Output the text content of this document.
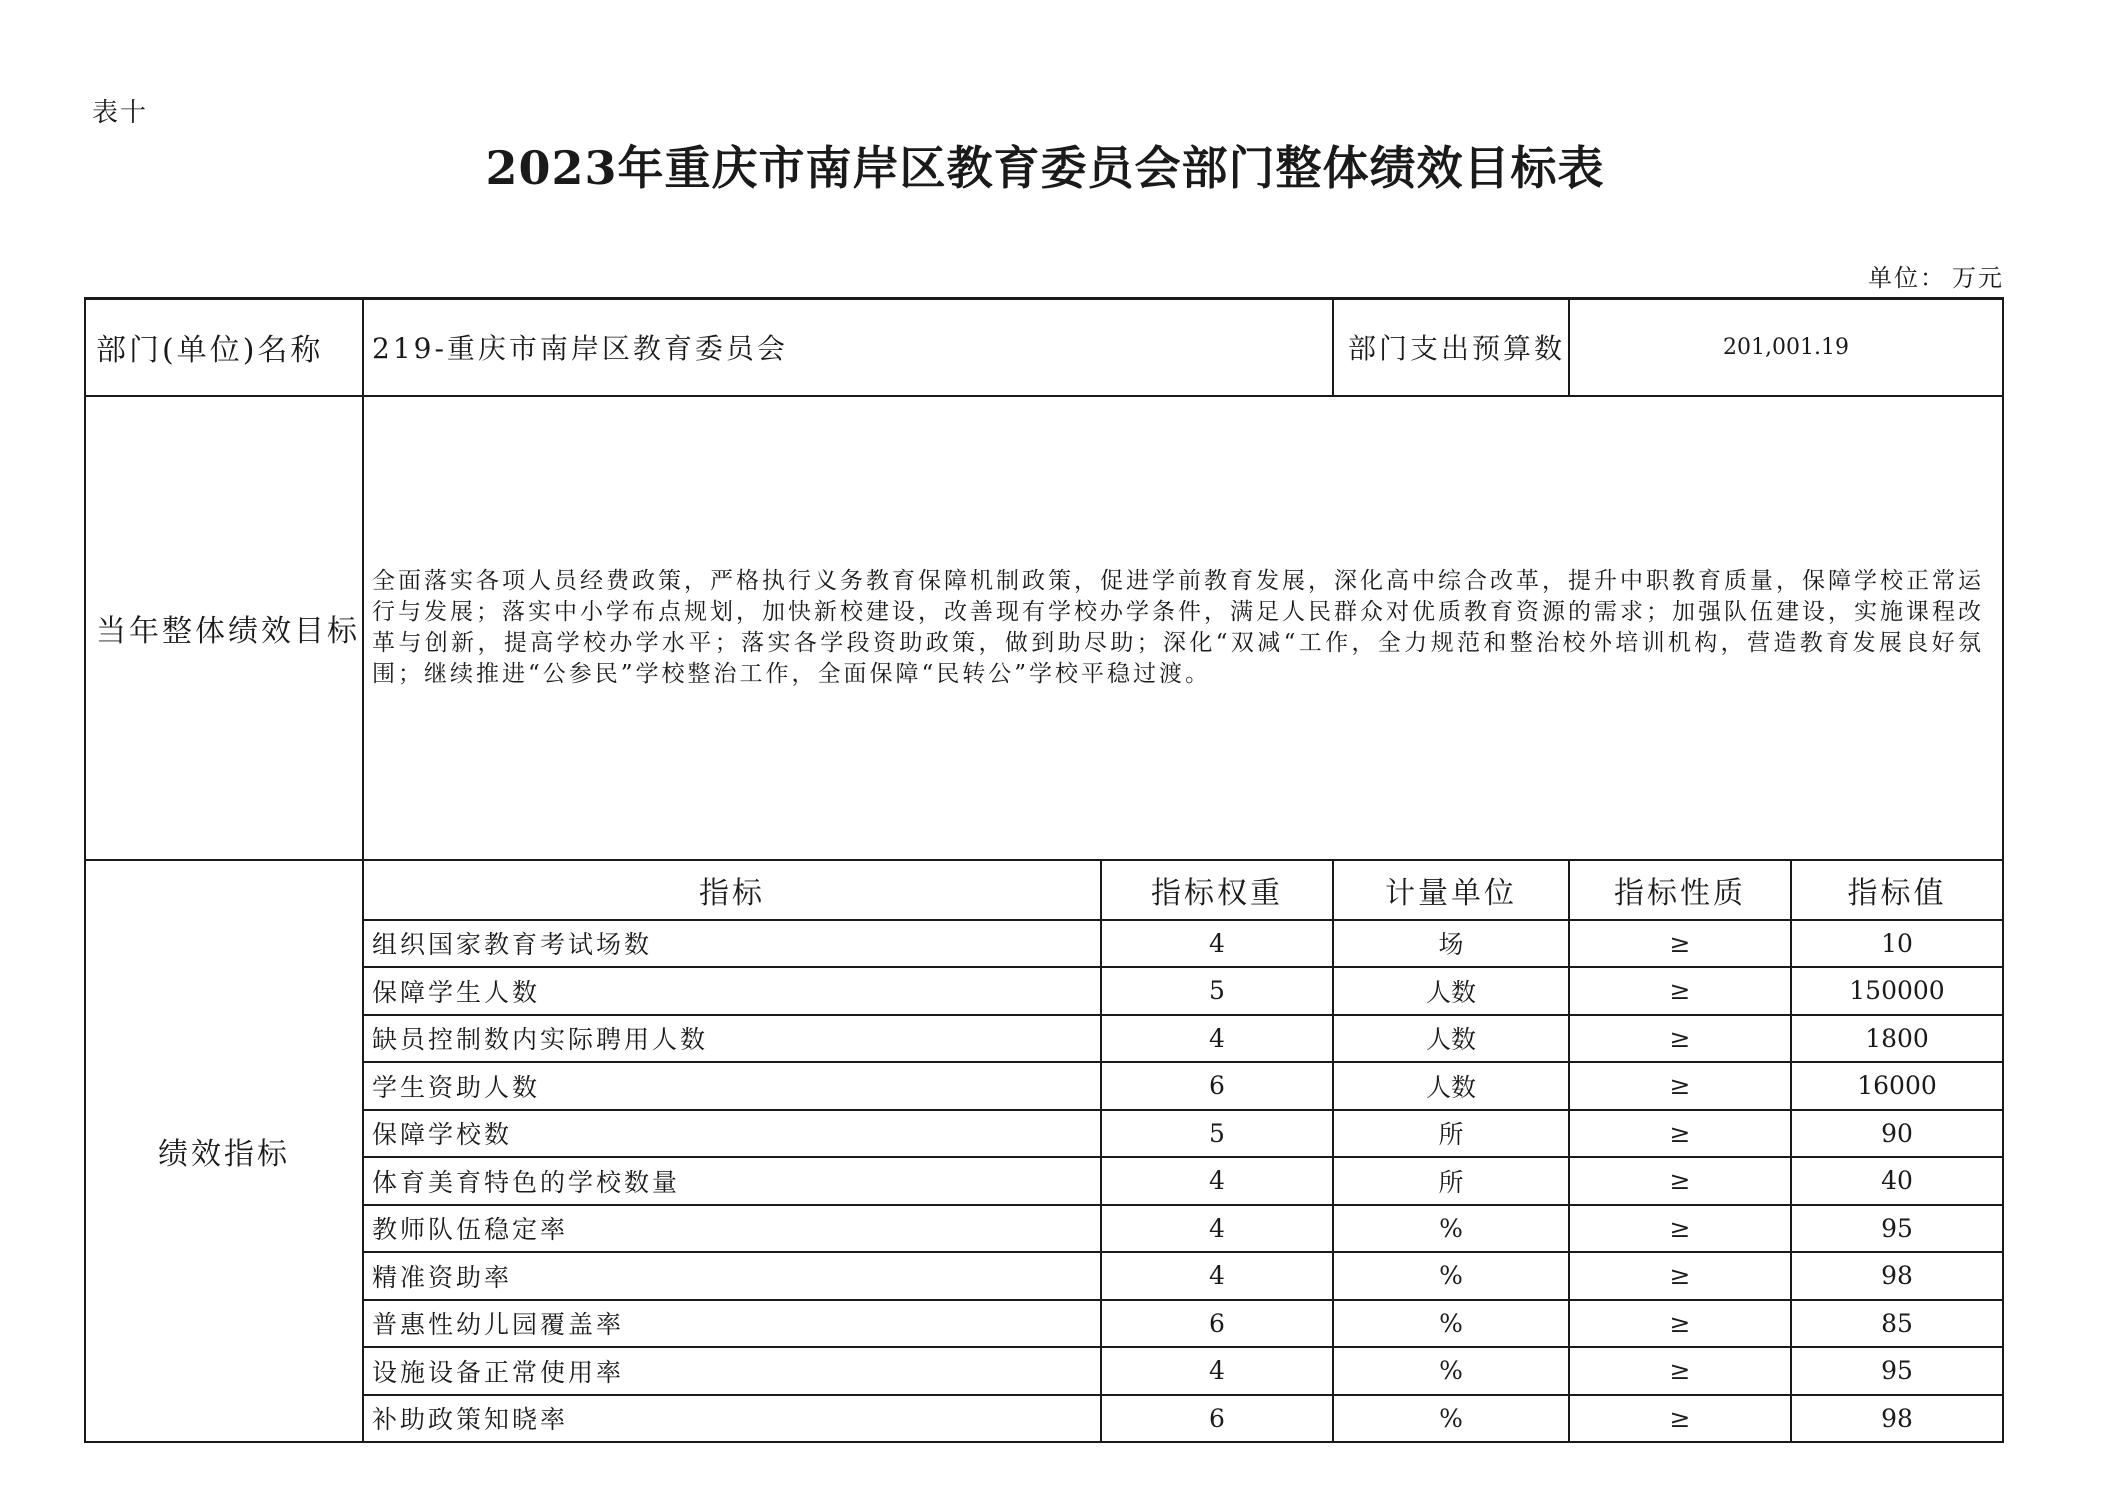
表十
2023年重庆市南岸区教育委员会部门整体绩效目标表
单位： 万元
部门(单位)名称	219-重庆市南岸区教育委员会		部门支出预算数	201,001.19	
当年整体绩效目标	全面落实各项人员经费政策，严格执行义务教育保障机制政策，促进学前教育发展，深化高中综合改革，提升中职教育质量，保障学校正常运行与发展；落实中小学布点规划，加快新校建设，改善现有学校办学条件，满足人民群众对优质教育资源的需求；加强队伍建设，实施课程改革与创新，提高学校办学水平；落实各学段资助政策，做到助尽助；深化“双减“工作，全力规范和整治校外培训机构，营造教育发展良好氛围；继续推进“公参民”学校整治工作，全面保障“民转公”学校平稳过渡。				
绩效指标	指标	指标权重	计量单位	指标性质	指标值
	组织国家教育考试场数	4	场	≥	10
	保障学生人数	5	人数	≥	150000
	缺员控制数内实际聘用人数	4	人数	≥	1800
	学生资助人数	6	人数	≥	16000
	保障学校数	5	所	≥	90
	体育美育特色的学校数量	4	所	≥	40
	教师队伍稳定率	4	%	≥	95
	精准资助率	4	%	≥	98
	普惠性幼儿园覆盖率	6	%	≥	85
	设施设备正常使用率	4	%	≥	95
	补助政策知晓率	6	%	≥	98
